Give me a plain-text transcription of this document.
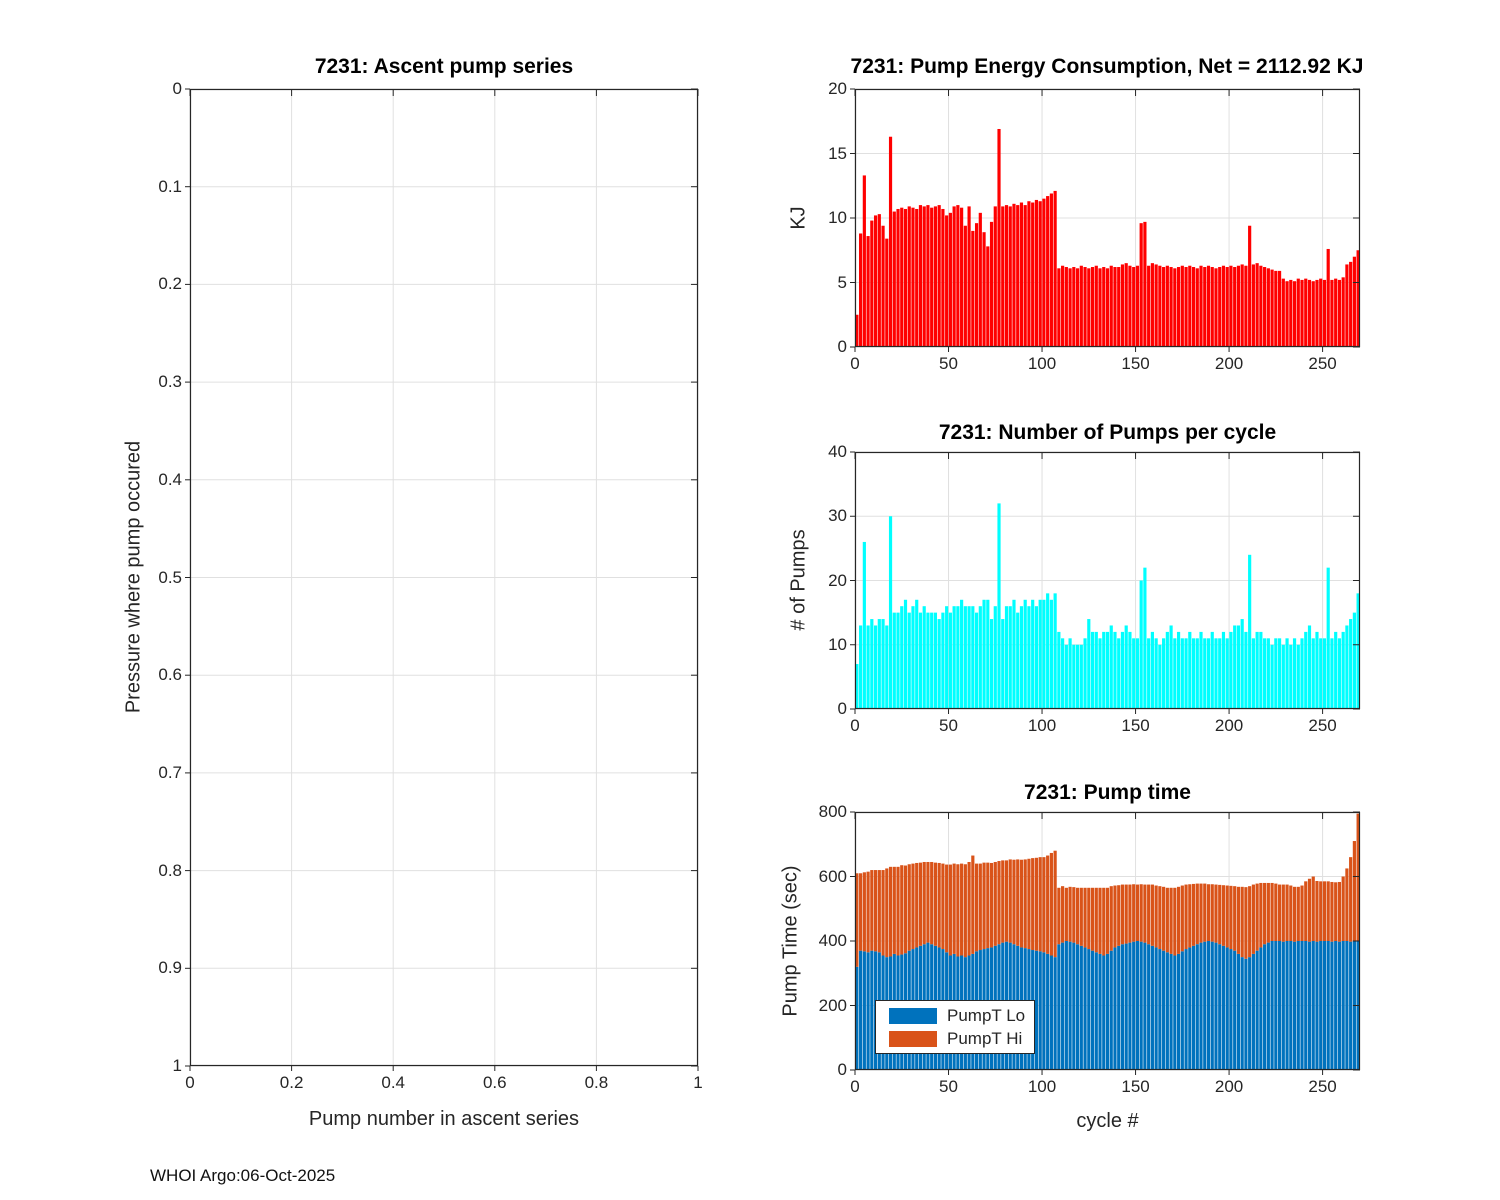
7231: Ascent pump series	7231: Pump Energy Consumption, Net = 2112.92 KJ
7231: Number of Pumps per cycle
7231: Pump time
Pressure where pump occured
Pump number in ascent series
KJ
# of Pumps
Pump Time (sec)
cycle #
0	0.2	0.4	0.6	0.8	1
0
0.1
0.2
0.3
0.4
0.5
0.6
0.7
0.8
0.9
1
0	50	100	150	200	250
0
5
10
15
20
0	50	100	150	200	250
0
10
20
30
40
PumpT Lo
PumpT Hi
0	50	100	150	200	250
0
200
400
600
800
WHOI Argo:06-Oct-2025
